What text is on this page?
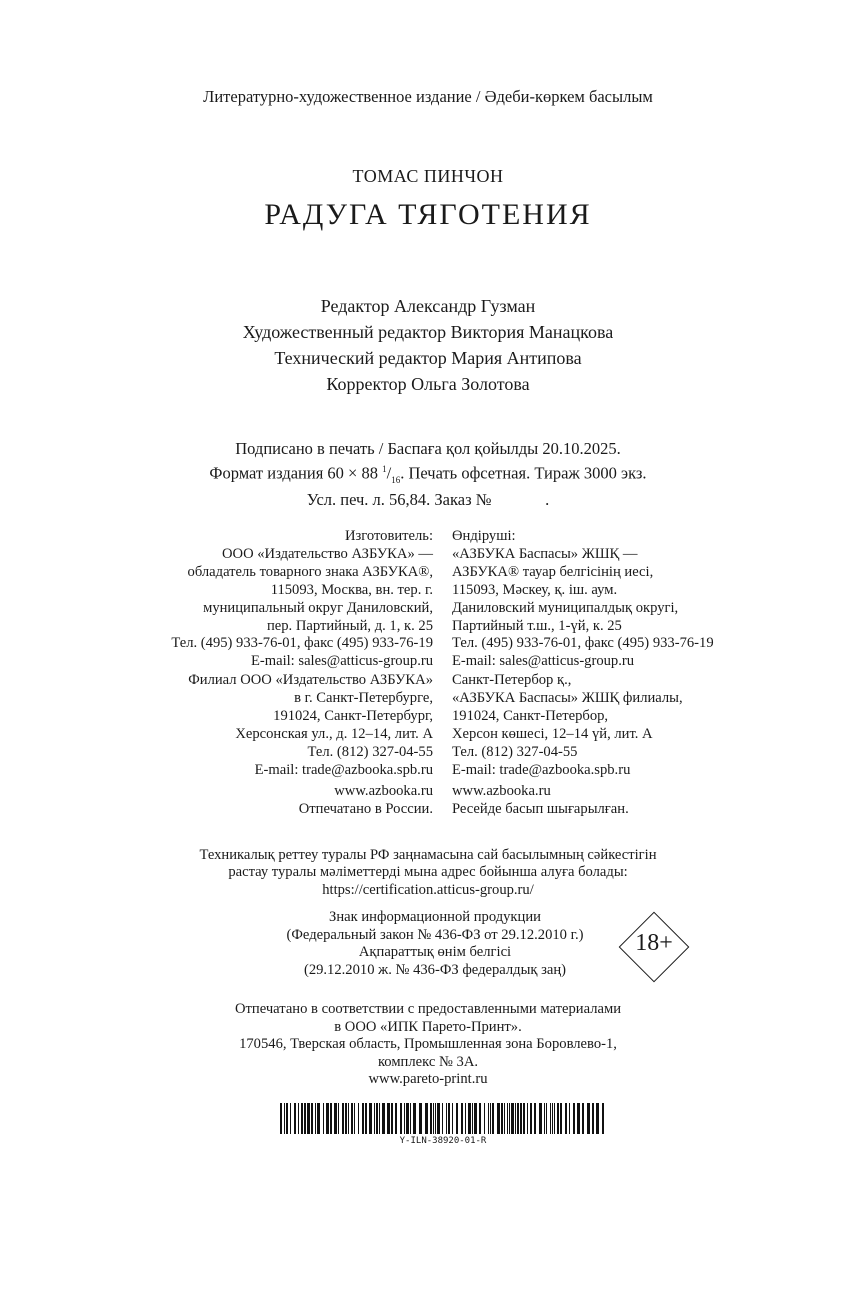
Литературно-художественное издание / Әдеби-көркем басылым
ТОМАС ПИНЧОН
РАДУГА ТЯГОТЕНИЯ
Редактор Александр Гузман
Художественный редактор Виктория Манацкова
Технический редактор Мария Антипова
Корректор Ольга Золотова
Подписано в печать / Баспаға қол қойылды 20.10.2025.
Формат издания 60 × 88 $^1/_{16}$. Печать офсетная. Тираж 3000 экз.
Усл. печ. л. 56,84. Заказ №             .
Изготовитель:
ООО «Издательство АЗБУКА» —
обладатель товарного знака АЗБУКА®,
115093, Москва, вн. тер. г.
муниципальный округ Даниловский,
пер. Партийный, д. 1, к. 25
Тел. (495) 933-76-01, факс (495) 933-76-19
E-mail: sales@atticus-group.ru
Өндіруші:
«АЗБУКА Баспасы» ЖШҚ —
АЗБУКА® тауар белгісінің иесі,
115093, Мәскеу, қ. іш. аум.
Даниловский муниципалдық округі,
Партийный т.ш., 1-үй, к. 25
Тел. (495) 933-76-01, факс (495) 933-76-19
E-mail: sales@atticus-group.ru
Филиал ООО «Издательство АЗБУКА»
в г. Санкт-Петербурге,
191024, Санкт-Петербург,
Херсонская ул., д. 12–14, лит. А
Тел. (812) 327-04-55
E-mail: trade@azbooka.spb.ru
Санкт-Петербор қ.,
«АЗБУКА Баспасы» ЖШҚ филиалы,
191024, Санкт-Петербор,
Херсон көшесі, 12–14 үй, лит. А
Тел. (812) 327-04-55
E-mail: trade@azbooka.spb.ru
www.azbooka.ru
Отпечатано в России.
www.azbooka.ru
Ресейде басып шығарылған.
Техникалық реттеу туралы РФ заңнамасына сай басылымның сәйкестігін
растау туралы мәліметтерді мына адрес бойынша алуға болады:
https://certification.atticus-group.ru/
Знак информационной продукции
(Федеральный закон № 436-ФЗ от 29.12.2010 г.)
Ақпараттық өнім белгісі
(29.12.2010 ж. № 436-ФЗ федералдық заң)
18+
Отпечатано в соответствии с предоставленными материалами
в ООО «ИПК Парето-Принт».
170546, Тверская область, Промышленная зона Боровлево-1,
комплекс № 3А.
www.pareto-print.ru
Y-ILN-38920-01-R
